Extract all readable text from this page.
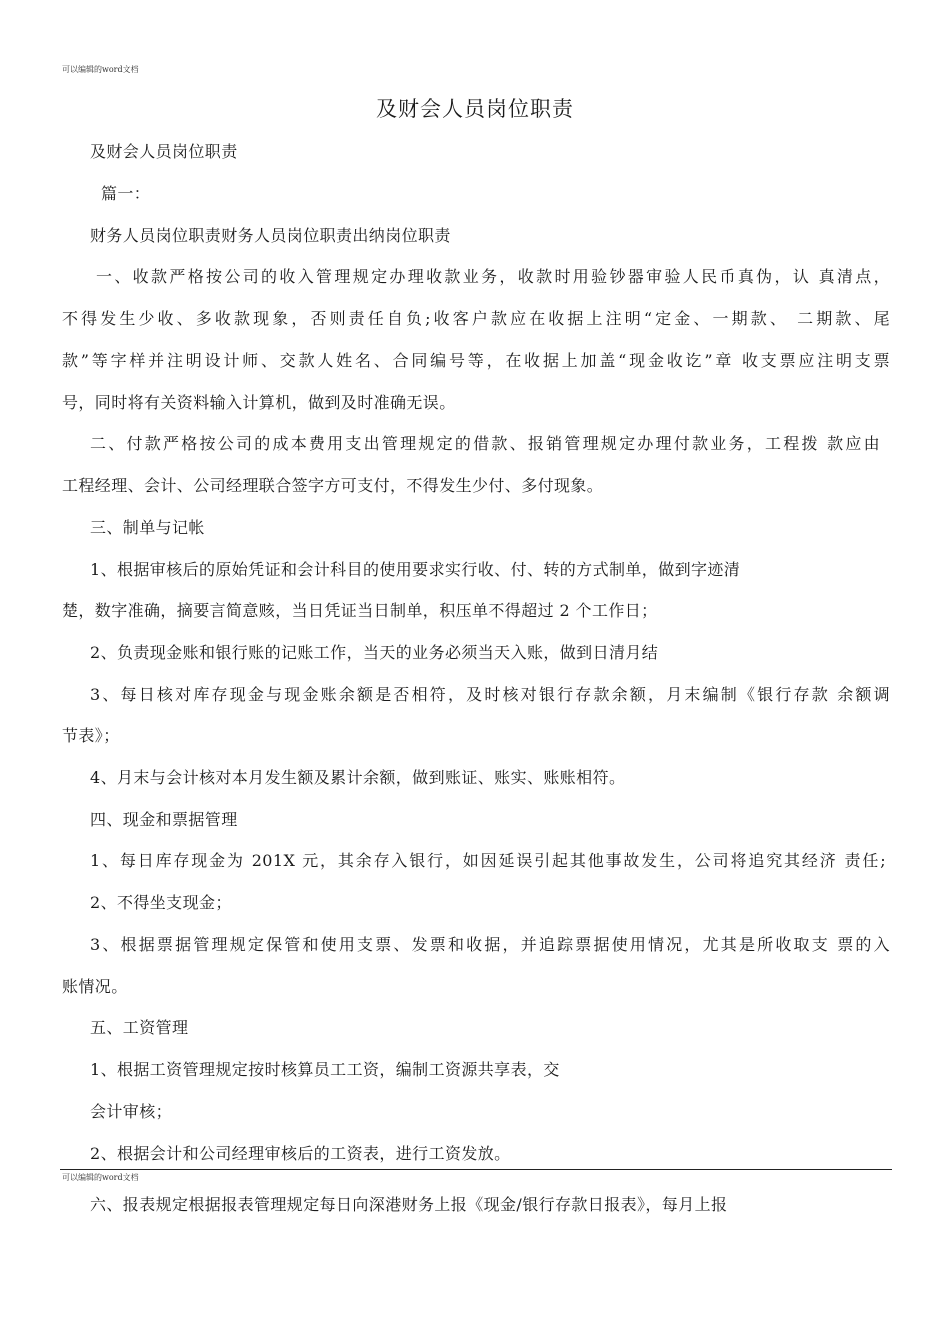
可以编辑的word文档
及财会人员岗位职责
及财会人员岗位职责
篇一：
财务人员岗位职责财务人员岗位职责出纳岗位职责
一、收款严格按公司的收入管理规定办理收款业务，收款时用验钞器审验人民币真伪，认 真清点，
不得发生少收、多收款现象，否则责任自负;收客户款应在收据上注明“定金、一期款、 二期款、尾
款”等字样并注明设计师、交款人姓名、合同编号等，在收据上加盖“现金收讫”章 收支票应注明支票
号，同时将有关资料输入计算机，做到及时准确无误。
二、付款严格按公司的成本费用支出管理规定的借款、报销管理规定办理付款业务，工程拨 款应由
工程经理、会计、公司经理联合签字方可支付，不得发生少付、多付现象。
三、制单与记帐
1、根据审核后的原始凭证和会计科目的使用要求实行收、付、转的方式制单，做到字迹清
楚，数字准确，摘要言简意赅，当日凭证当日制单，积压单不得超过 2 个工作日；
2、负责现金账和银行账的记账工作，当天的业务必须当天入账，做到日清月结
3、每日核对库存现金与现金账余额是否相符，及时核对银行存款余额，月末编制《银行存款 余额调
节表》；
4、月末与会计核对本月发生额及累计余额，做到账证、账实、账账相符。
四、现金和票据管理
1、每日库存现金为 201X 元，其余存入银行，如因延误引起其他事故发生，公司将追究其经济 责任;
2、不得坐支现金；
3、根据票据管理规定保管和使用支票、发票和收据，并追踪票据使用情况，尤其是所收取支 票的入
账情况。
五、工资管理
1、根据工资管理规定按时核算员工工资，编制工资源共享表，交
会计审核；
2、根据会计和公司经理审核后的工资表，进行工资发放。
可以编辑的word文档
六、报表规定根据报表管理规定每日向深港财务上报《现金/银行存款日报表》，每月上报
